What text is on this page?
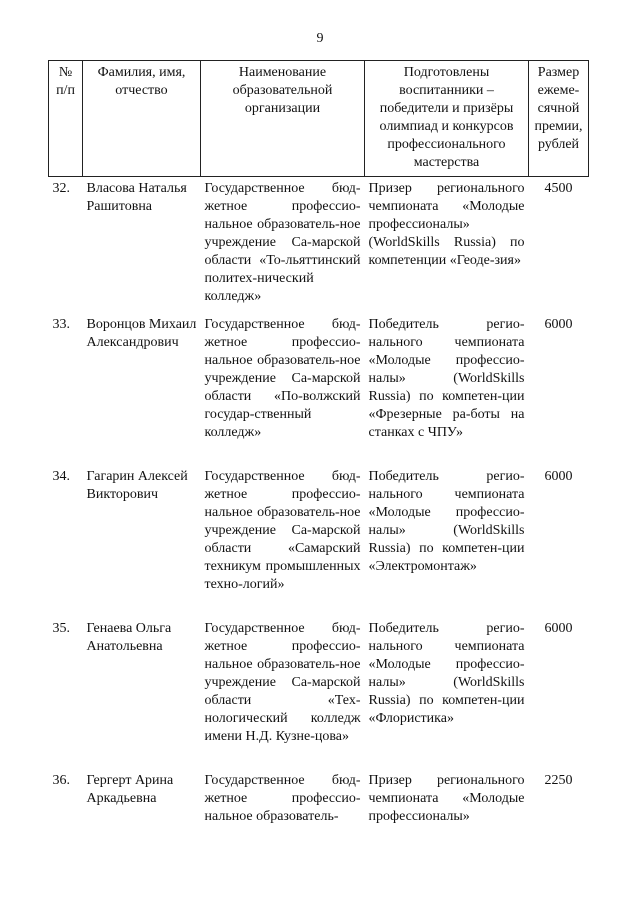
9
№ п/п	Фамилия, имя, отчество	Наименование образовательной организации	Подготовлены воспитанники – победители и призёры олимпиад и конкурсов профессионального мастерства	Размер ежеме-сячной премии, рублей

32.	Власова Наталья Рашитовна	Государственное бюд-жетное профессио-нальное образователь-ное учреждение Са-марской области «То-льяттинский политех-нический колледж»	Призер регионального чемпионата «Молодые профессионалы» (WorldSkills Russia) по компетенции «Геоде-зия»	4500
33.	Воронцов Михаил Александрович	Государственное бюд-жетное профессио-нальное образователь-ное учреждение Са-марской области «По-волжский государ-ственный колледж»	Победитель регио-нального чемпионата «Молодые профессио-налы» (WorldSkills Russia) по компетен-ции «Фрезерные ра-боты на станках с ЧПУ»	6000
34.	Гагарин Алексей Викторович	Государственное бюд-жетное профессио-нальное образователь-ное учреждение Са-марской области «Самарский техникум промышленных техно-логий»	Победитель регио-нального чемпионата «Молодые профессио-налы» (WorldSkills Russia) по компетен-ции «Электромонтаж»	6000
35.	Генаева Ольга Анатольевна	Государственное бюд-жетное профессио-нальное образователь-ное учреждение Са-марской области «Тех-нологический колледж имени Н.Д. Кузне-цова»	Победитель регио-нального чемпионата «Молодые профессио-налы» (WorldSkills Russia) по компетен-ции «Флористика»	6000
36.	Гергерт Арина Аркадьевна	Государственное бюд-жетное профессио-нальное образователь-	Призер регионального чемпионата «Молодые профессионалы»	2250
